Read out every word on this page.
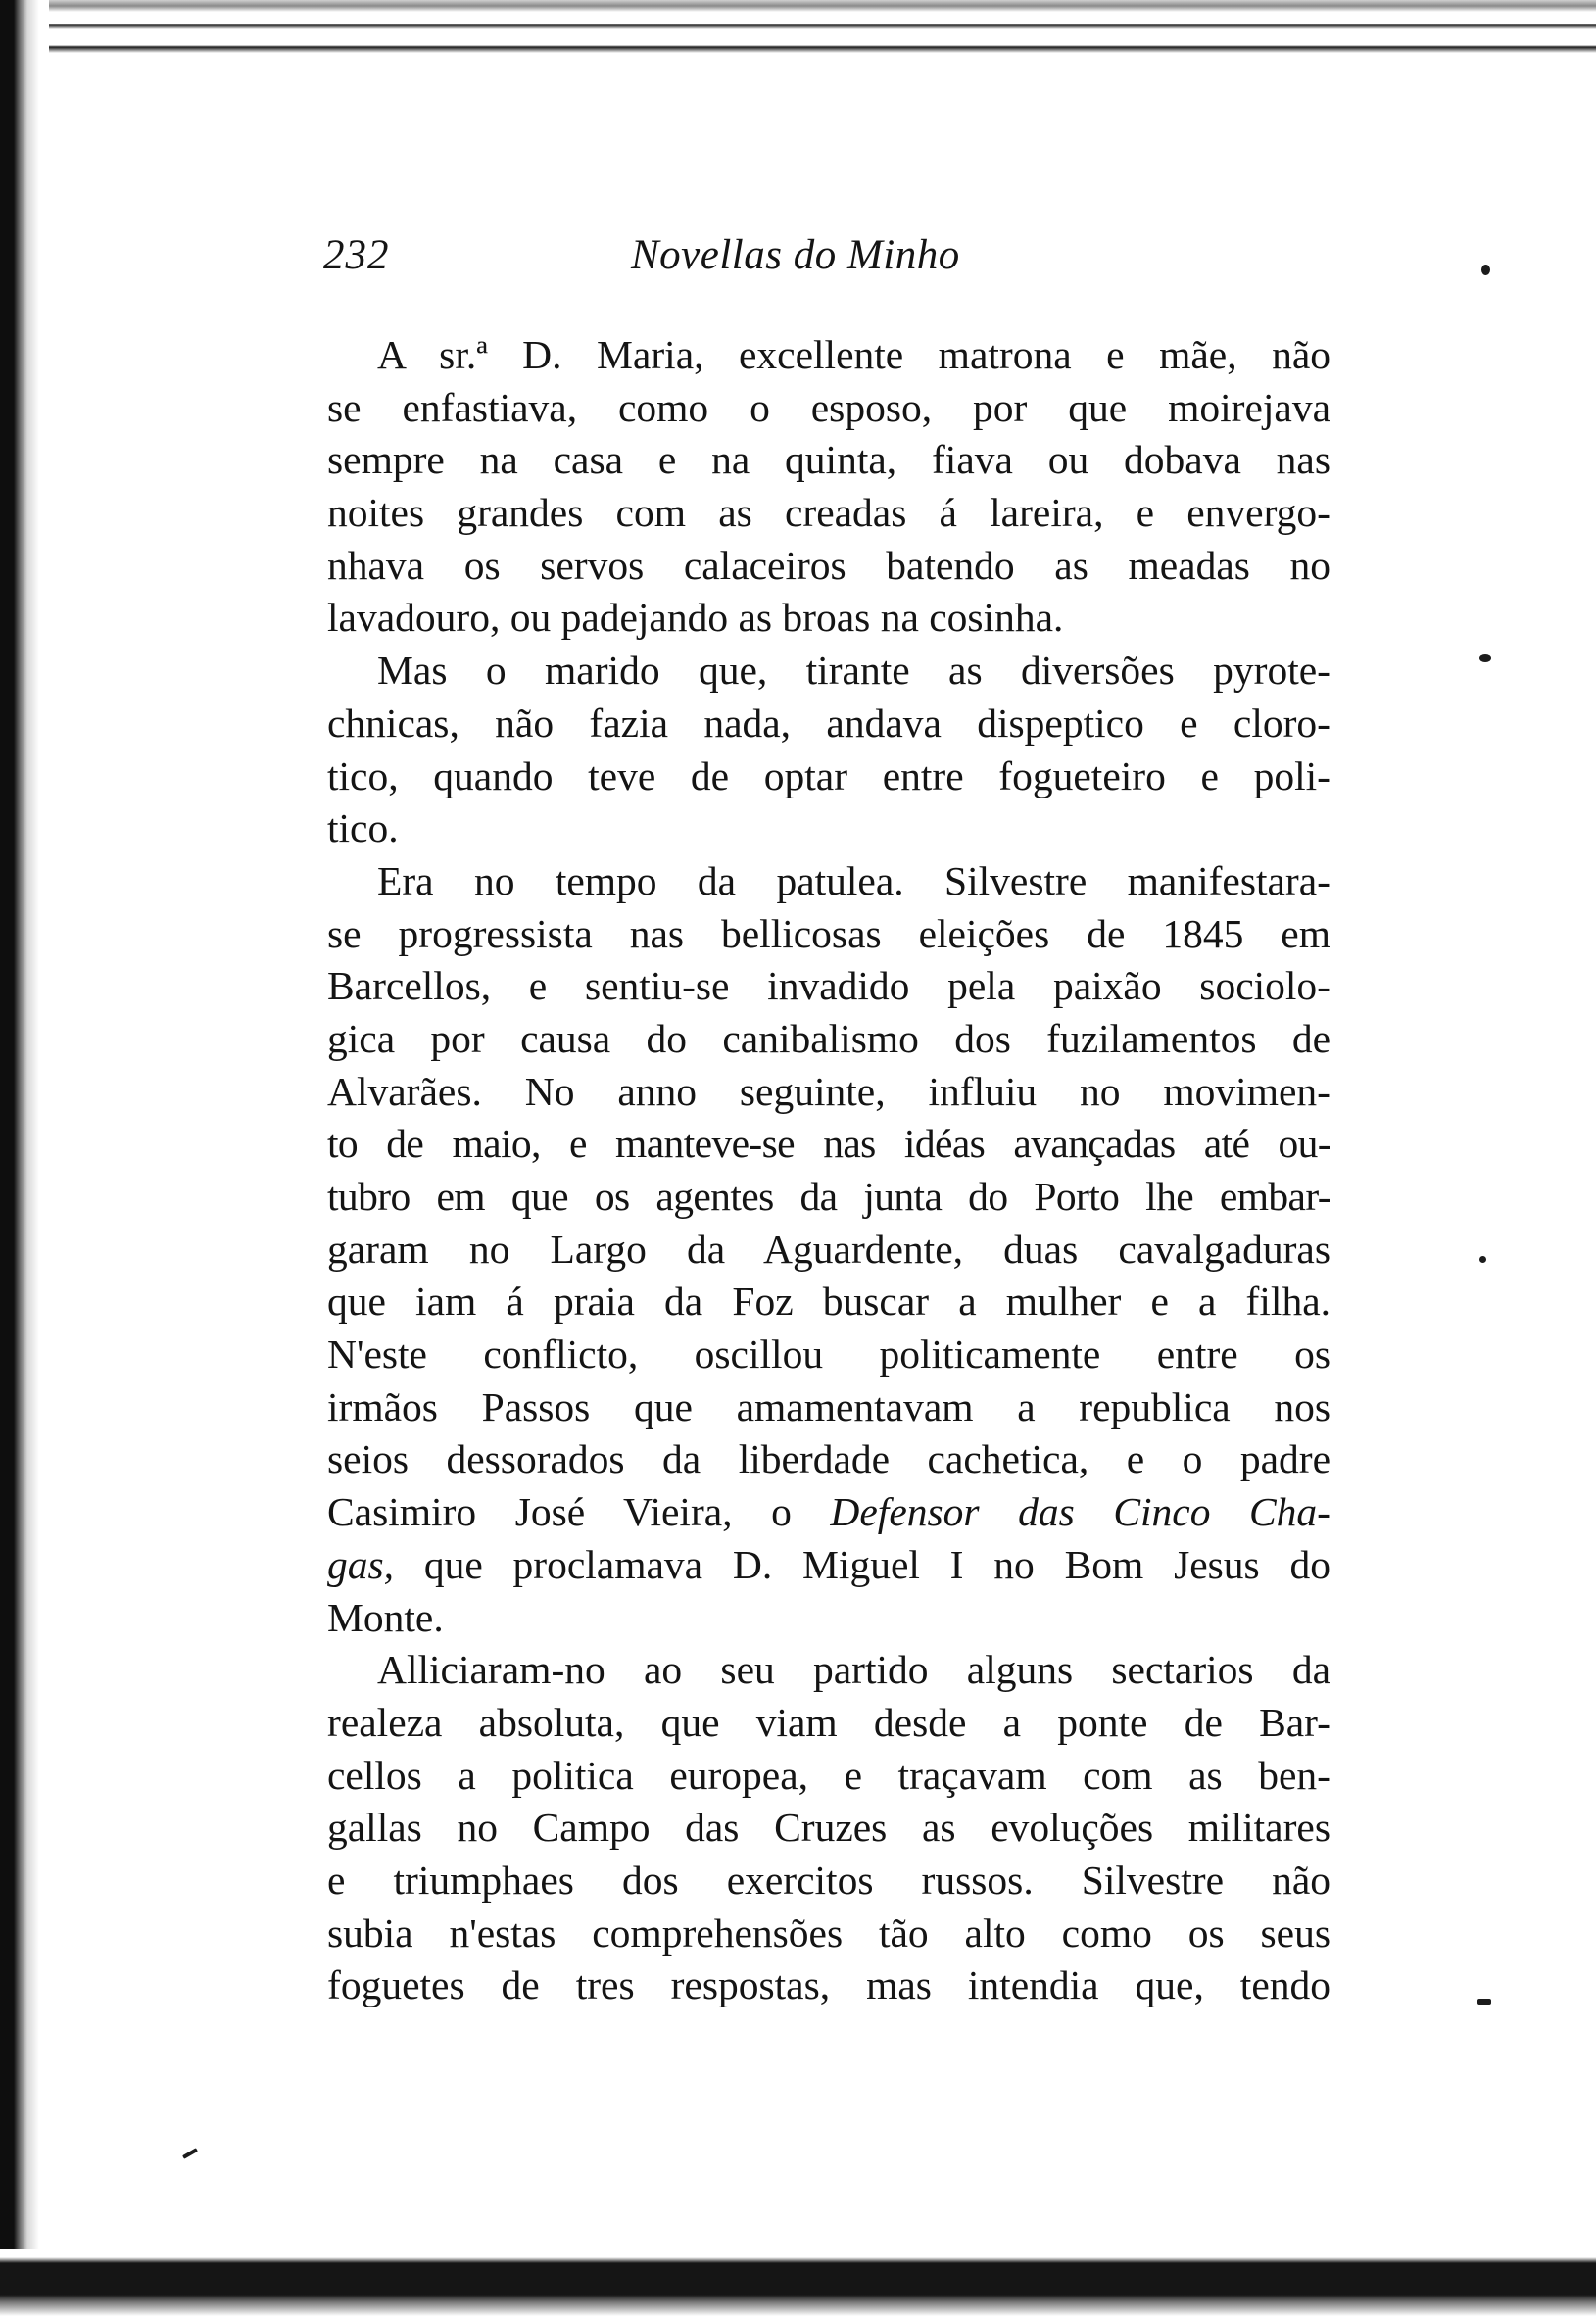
232	Novellas do Minho
A sr.ª D. Maria, excellente matrona e mãe, não
se enfastiava, como o esposo, por que moirejava
sempre na casa e na quinta, fiava ou dobava nas
noites grandes com as creadas á lareira, e envergo-
nhava os servos calaceiros batendo as meadas no
lavadouro, ou padejando as broas na cosinha.
Mas o marido que, tirante as diversões pyrote-
chnicas, não fazia nada, andava dispeptico e cloro-
tico, quando teve de optar entre fogueteiro e poli-
tico.
Era no tempo da patulea. Silvestre manifestara-
se progressista nas bellicosas eleições de 1845 em
Barcellos, e sentiu-se invadido pela paixão sociolo-
gica por causa do canibalismo dos fuzilamentos de
Alvarães. No anno seguinte, influiu no movimen-
to de maio, e manteve-se nas idéas avançadas até ou-
tubro em que os agentes da junta do Porto lhe embar-
garam no Largo da Aguardente, duas cavalgaduras
que iam á praia da Foz buscar a mulher e a filha.
N'este conflicto, oscillou politicamente entre os
irmãos Passos que amamentavam a republica nos
seios dessorados da liberdade cachetica, e o padre
Casimiro José Vieira, o Defensor das Cinco Cha-
gas, que proclamava D. Miguel I no Bom Jesus do
Monte.
Alliciaram-no ao seu partido alguns sectarios da
realeza absoluta, que viam desde a ponte de Bar-
cellos a politica europea, e traçavam com as ben-
gallas no Campo das Cruzes as evoluções militares
e triumphaes dos exercitos russos. Silvestre não
subia n'estas comprehensões tão alto como os seus
foguetes de tres respostas, mas intendia que, tendo
